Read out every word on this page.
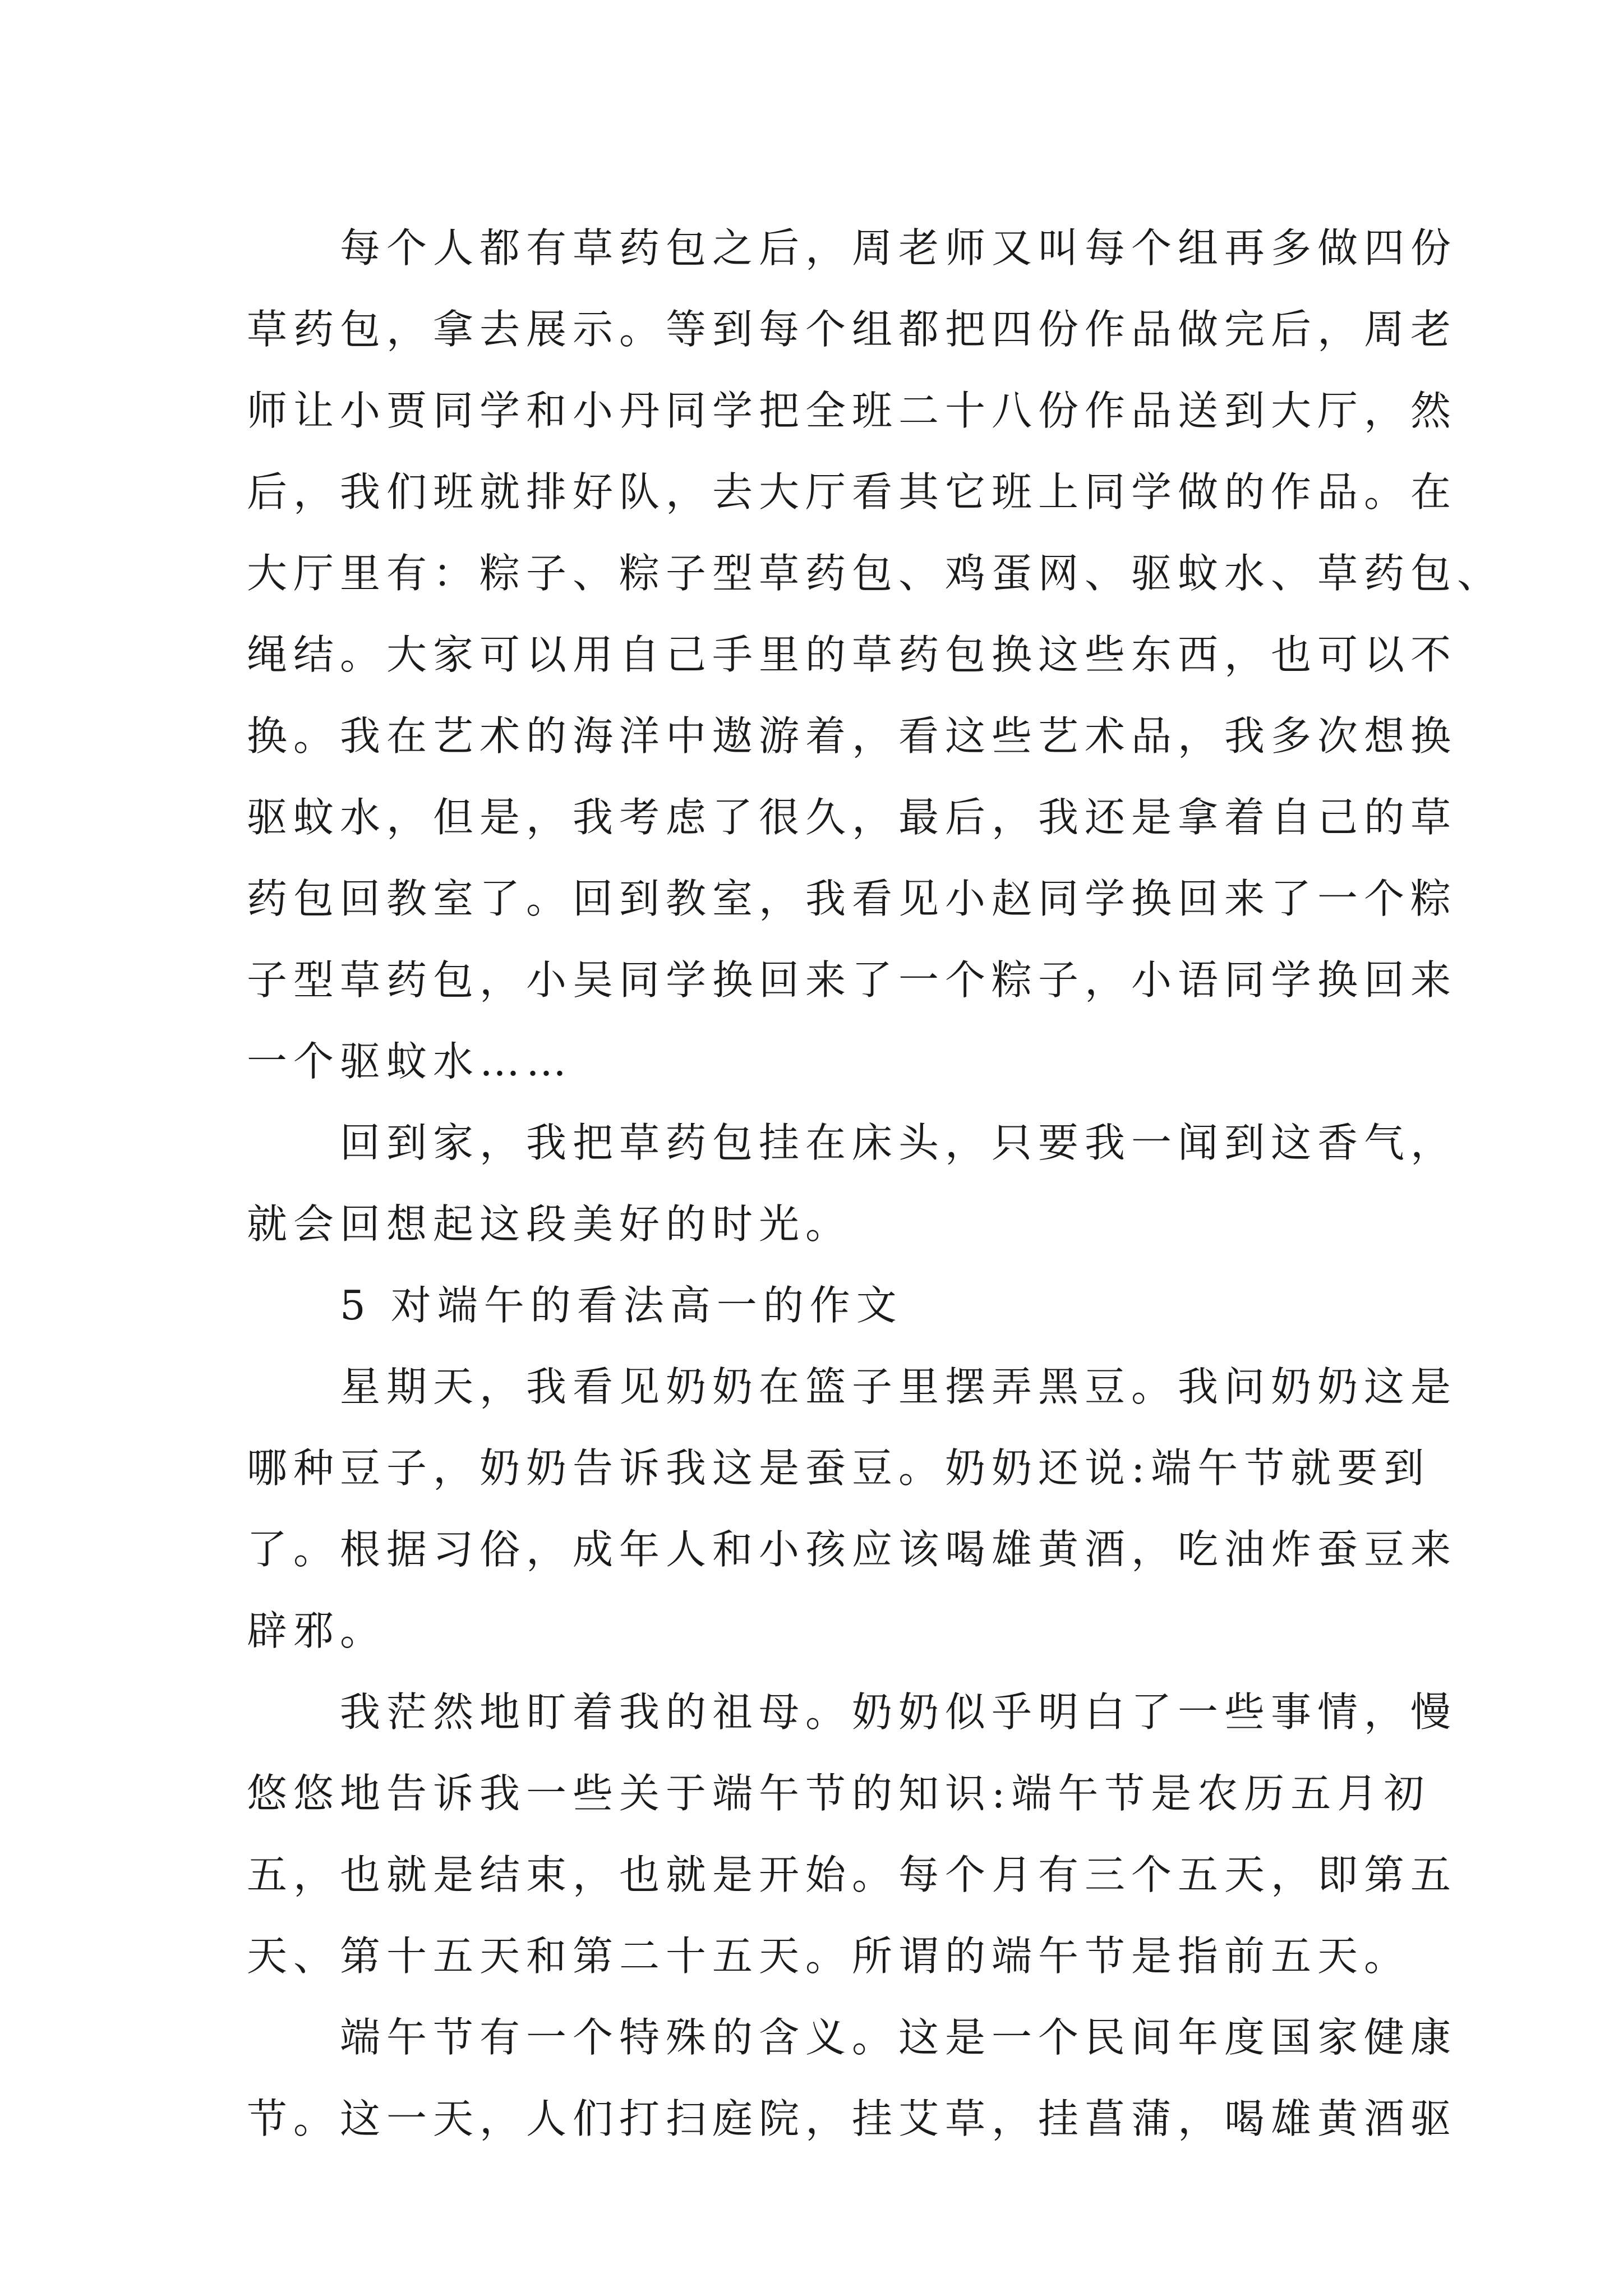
　　每个人都有草药包之后，周老师又叫每个组再多做四份
草药包，拿去展示。等到每个组都把四份作品做完后，周老
师让小贾同学和小丹同学把全班二十八份作品送到大厅，然
后，我们班就排好队，去大厅看其它班上同学做的作品。在
大厅里有：粽子、粽子型草药包、鸡蛋网、驱蚊水、草药包、
绳结。大家可以用自己手里的草药包换这些东西，也可以不
换。我在艺术的海洋中遨游着，看这些艺术品，我多次想换
驱蚊水，但是，我考虑了很久，最后，我还是拿着自己的草
药包回教室了。回到教室，我看见小赵同学换回来了一个粽
子型草药包，小吴同学换回来了一个粽子，小语同学换回来
一个驱蚊水……
　　回到家，我把草药包挂在床头，只要我一闻到这香气，
就会回想起这段美好的时光。
　　5 对端午的看法高一的作文
　　星期天，我看见奶奶在篮子里摆弄黑豆。我问奶奶这是
哪种豆子，奶奶告诉我这是蚕豆。奶奶还说:端午节就要到
了。根据习俗，成年人和小孩应该喝雄黄酒，吃油炸蚕豆来
辟邪。
　　我茫然地盯着我的祖母。奶奶似乎明白了一些事情，慢
悠悠地告诉我一些关于端午节的知识:端午节是农历五月初
五，也就是结束，也就是开始。每个月有三个五天，即第五
天、第十五天和第二十五天。所谓的端午节是指前五天。
　　端午节有一个特殊的含义。这是一个民间年度国家健康
节。这一天，人们打扫庭院，挂艾草，挂菖蒲，喝雄黄酒驱
